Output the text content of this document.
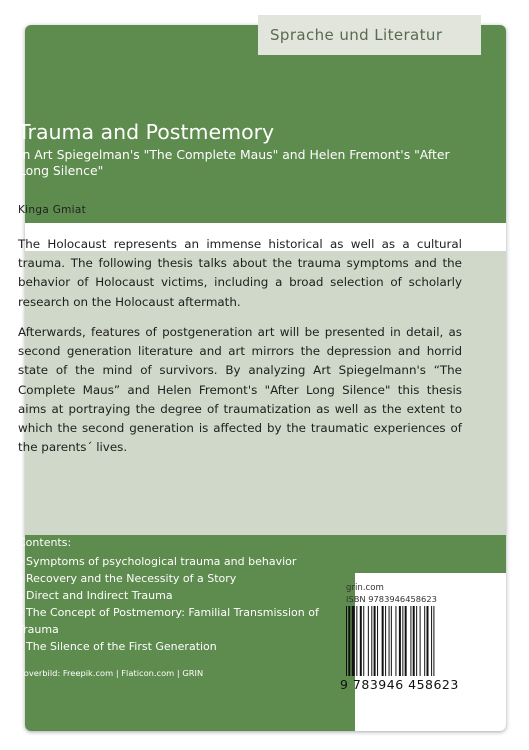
Sprache und Literatur
Trauma and Postmemory

in Art Spiegelman's "The Complete Maus" and Helen Fremont's "After Long Silence"

Kinga Gmiat

The Holocaust represents an immense historical as well as a cultural trauma. The following thesis talks about the trauma symptoms and the behavior of Holocaust victims, including a broad selection of scholarly research on the Holocaust aftermath.

Afterwards, features of postgeneration art will be presented in detail, as second generation literature and art mirrors the depression and horrid state of the mind of survivors. By analyzing Art Spiegelmann's “The Complete Maus” and Helen Fremont's "After Long Silence" this thesis aims at portraying the degree of traumatization as well as the extent to which the second generation is affected by the traumatic experiences of the parents´ lives.

Contents:
• Symptoms of psychological trauma and behavior
• Recovery and the Necessity of a Story
• Direct and Indirect Trauma
• The Concept of Postmemory: Familial Transmission of Trauma
• The Silence of the First Generation
Coverbild: Freepik.com | Flaticon.com | GRIN
grin.com
ISBN 9783946458623
9 783946 458623
